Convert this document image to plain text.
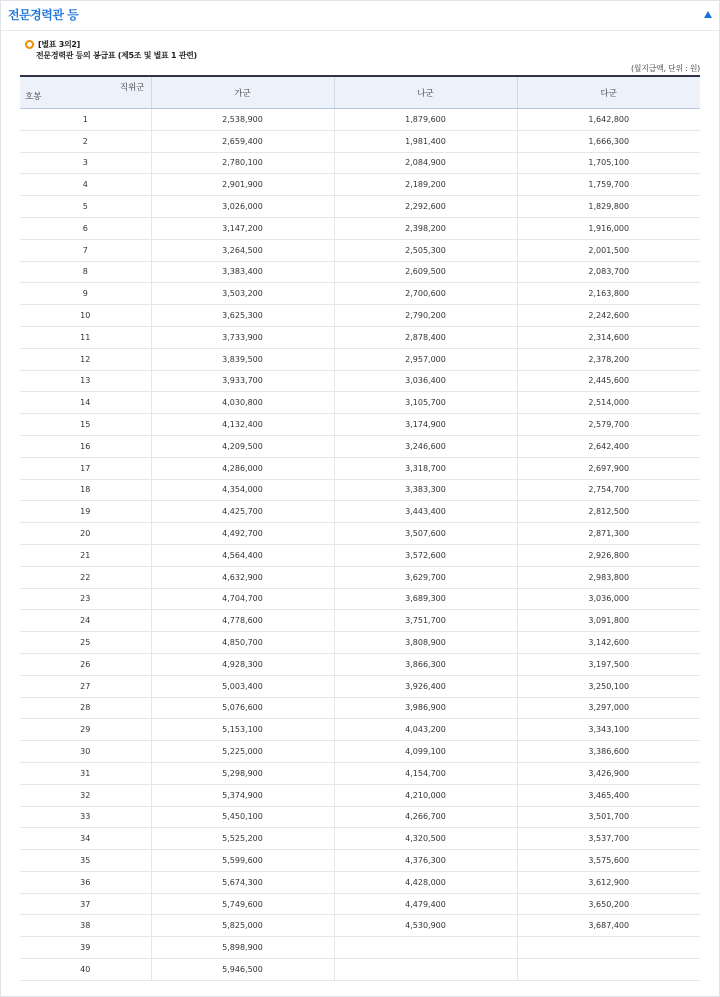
전문경력관 등
[별표 3의2]
전문경력관 등의 봉급표 (제5조 및 별표 1 관련)
(월지급액, 단위 : 원)
직위군
호봉	가군	나군	다군
1	2,538,900	1,879,600	1,642,800
2	2,659,400	1,981,400	1,666,300
3	2,780,100	2,084,900	1,705,100
4	2,901,900	2,189,200	1,759,700
5	3,026,000	2,292,600	1,829,800
6	3,147,200	2,398,200	1,916,000
7	3,264,500	2,505,300	2,001,500
8	3,383,400	2,609,500	2,083,700
9	3,503,200	2,700,600	2,163,800
10	3,625,300	2,790,200	2,242,600
11	3,733,900	2,878,400	2,314,600
12	3,839,500	2,957,000	2,378,200
13	3,933,700	3,036,400	2,445,600
14	4,030,800	3,105,700	2,514,000
15	4,132,400	3,174,900	2,579,700
16	4,209,500	3,246,600	2,642,400
17	4,286,000	3,318,700	2,697,900
18	4,354,000	3,383,300	2,754,700
19	4,425,700	3,443,400	2,812,500
20	4,492,700	3,507,600	2,871,300
21	4,564,400	3,572,600	2,926,800
22	4,632,900	3,629,700	2,983,800
23	4,704,700	3,689,300	3,036,000
24	4,778,600	3,751,700	3,091,800
25	4,850,700	3,808,900	3,142,600
26	4,928,300	3,866,300	3,197,500
27	5,003,400	3,926,400	3,250,100
28	5,076,600	3,986,900	3,297,000
29	5,153,100	4,043,200	3,343,100
30	5,225,000	4,099,100	3,386,600
31	5,298,900	4,154,700	3,426,900
32	5,374,900	4,210,000	3,465,400
33	5,450,100	4,266,700	3,501,700
34	5,525,200	4,320,500	3,537,700
35	5,599,600	4,376,300	3,575,600
36	5,674,300	4,428,000	3,612,900
37	5,749,600	4,479,400	3,650,200
38	5,825,000	4,530,900	3,687,400
39	5,898,900		
40	5,946,500		
